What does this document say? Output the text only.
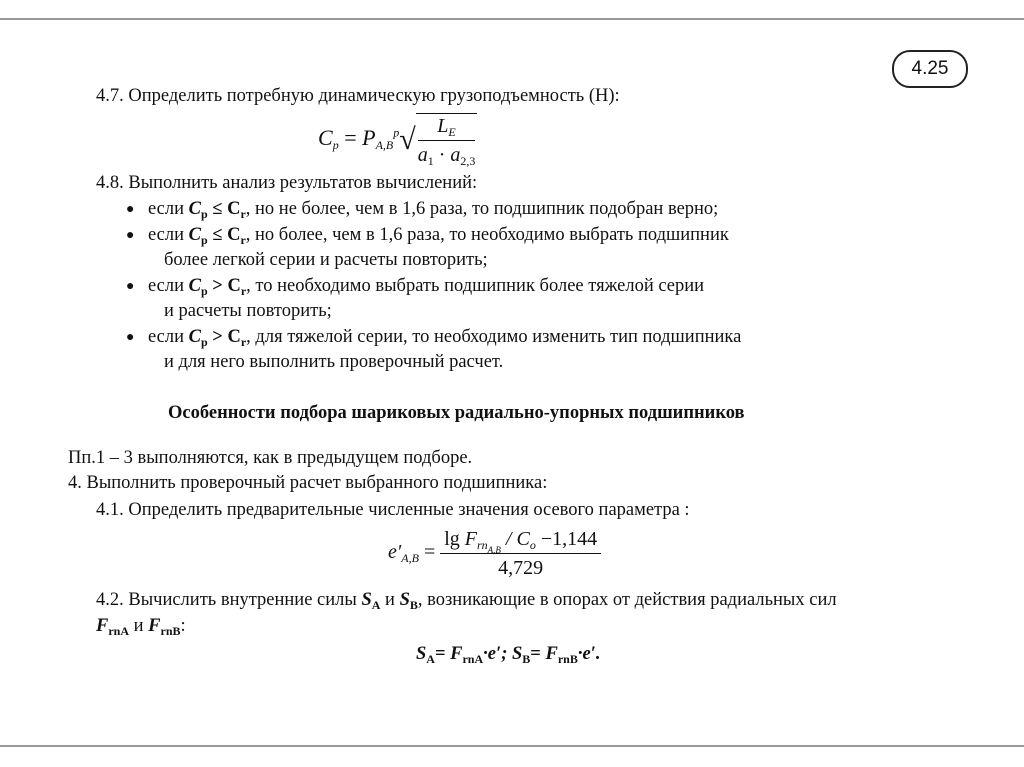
4.25
4.7. Определить потребную динамическую грузоподъемность (Н):
$C_p = P_{A,B}^p√ \frac{L_E}{a_1 \cdot a_{2,3}}$
4.8. Выполнить анализ результатов вычислений:
● если $C_p \le C_r$, но не более, чем в 1,6 раза, то подшипник подобран верно;
● если $C_p \le C_r$, но более, чем в 1,6 раза, то необходимо выбрать подшипник
более легкой серии и расчеты повторить;
● если $C_p > C_r$, то необходимо выбрать подшипник более тяжелой серии
и расчеты повторить;
● если $C_p > C_r$, для тяжелой серии, то необходимо изменить тип подшипника
и для него выполнить проверочный расчет.
Особенности подбора шариковых радиально-упорных подшипников
Пп.1 – 3 выполняются, как в предыдущем подборе.
4. Выполнить проверочный расчет выбранного подшипника:
4.1. Определить предварительные численные значения осевого параметра :
$e'_{A,B} = \frac{\lg F_{rn_{A,B}} / C_o -1,144}{4,729}$
4.2. Вычислить внутренние силы $S_A$ и $S_B$, возникающие в опорах от действия радиальных сил
$F_{rnA}$ и $F_{rnB}$:
$S_A= F_{rnA}\cdot e'$; $S_B= F_{rnB}\cdot e'$.
